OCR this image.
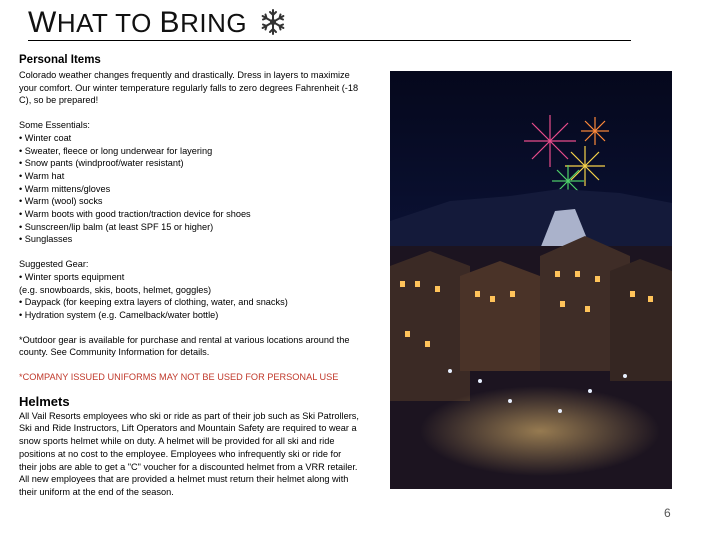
WHAT TO BRING

Personal Items

Colorado weather changes frequently and drastically. Dress in layers to maximize your comfort. Our winter temperature regularly falls to zero degrees Fahrenheit (-18 C), so be prepared!

Some Essentials:

• Winter coat
• Sweater, fleece or long underwear for layering
• Snow pants (windproof/water resistant)
• Warm hat
• Warm mittens/gloves
• Warm (wool) socks
• Warm boots with good traction/traction device for shoes
• Sunscreen/lip balm (at least SPF 15 or higher)
• Sunglasses

Suggested Gear:

• Winter sports equipment
(e.g. snowboards, skis, boots, helmet, goggles)
• Daypack (for keeping extra layers of clothing, water, and snacks)
• Hydration system (e.g. Camelback/water bottle)

*Outdoor gear is available for purchase and rental at various locations around the county. See Community Information for details.

*COMPANY ISSUED UNIFORMS MAY NOT BE USED FOR PERSONAL USE

Helmets

All Vail Resorts employees who ski or ride as part of their job such as Ski Patrollers, Ski and Ride Instructors, Lift Operators and Mountain Safety are required to wear a snow sports helmet while on duty. A helmet will be provided for all ski and ride positions at no cost to the employee. Employees who infrequently ski or ride for their jobs are able to get a "C" voucher for a discounted helmet from a VRR retailer. All new employees that are provided a helmet must return their helmet along with their uniform at the end of the season.

6
